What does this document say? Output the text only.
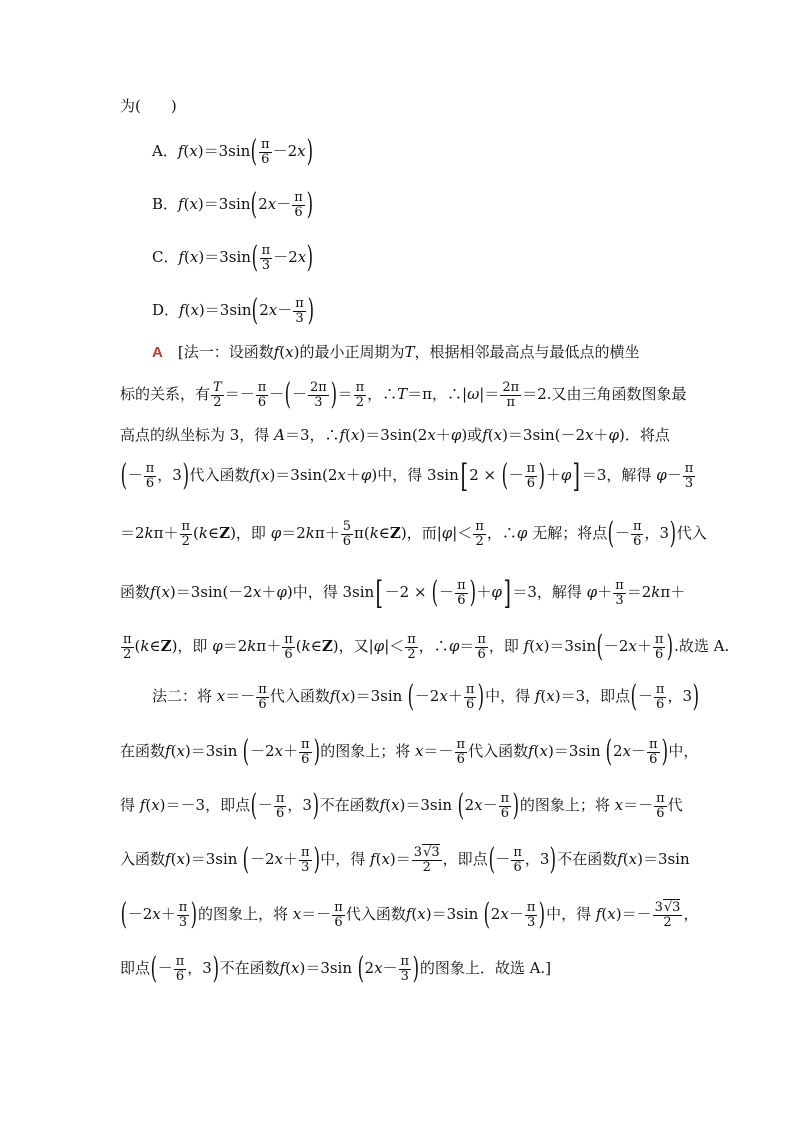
为(　　)
A．$f(x)=3\sin( \frac{\pi}{6} -2x)$
B．$f(x)=3\sin(2x- \frac{\pi}{6}$ )
C．$f(x)=3\sin( \frac{\pi}{3} -2x)$
D．$f(x)=3\sin(2x- \frac{\pi}{3}$ )
A　 [法一：设函数f(x)的最小正周期为T，根据相邻最高点与最低点的横坐
标的关系，有 $\frac{T}{2} =- \frac{\pi}{6}$ －(－ $\frac{2\pi}{3}$ )＝ $\frac{\pi}{2}$ ，∴T＝π，∴|ω|＝ $\frac{2\pi}{\pi} =2$.又由三角函数图象最
高点的纵坐标为 3，得 A＝3，∴f(x)＝3sin(2x＋φ)或f(x)＝3sin(－2x＋φ)．将点
(－ $\frac{\pi}{6}$ ，3)代入函数f(x)＝3sin(2x＋φ)中，得 3sin[2 × (－ $\frac{\pi}{6} )+\varphi]=3$，解得 $\varphi- \frac{\pi}{3}$
$=2k\pi+ \frac{\pi}{2}$ (k∈Z)，即 $\varphi=2k\pi+ \frac{5}{6}$ π(k∈Z)，而$|\varphi|< \frac{\pi}{2}$ ，∴φ 无解；将点(－ $\frac{\pi}{6}$ ，3)代入
函数f(x)＝3sin(－2x＋φ)中，得 3sin[－2 × (－ $\frac{\pi}{6} )+\varphi]=3$，解得 $\varphi+ \frac{\pi}{3} =2k\pi+$
$\frac{\pi}{2}$ (k∈Z)，即 $\varphi=2k\pi+ \frac{\pi}{6}$ (k∈Z)，又$|\varphi|< \frac{\pi}{2}$ ，∴φ＝ $\frac{\pi}{6}$ ，即 $f(x)=3\sin(-2x+ \frac{\pi}{6}$ ).故选 A.
法二：将 $x=- \frac{\pi}{6}$ 代入函数f(x)＝3sin ($-2x+ \frac{\pi}{6}$ )中，得 f(x)＝3，即点(－ $\frac{\pi}{6}$ ，3)
在函数f(x)＝3sin ($-2x+ \frac{\pi}{6}$ )的图象上；将 $x=- \frac{\pi}{6}$ 代入函数f(x)＝3sin ($2x- \frac{\pi}{6}$ )中，
得 f(x)＝－3，即点(－ $\frac{\pi}{6}$ ，3)不在函数f(x)＝3sin ($2x- \frac{\pi}{6}$ )的图象上；将 $x=- \frac{\pi}{6}$ 代
入函数f(x)＝3sin ($-2x+ \frac{\pi}{3}$ )中，得 $f(x)= \frac{3√3}{2}$ ，即点(－ $\frac{\pi}{6}$ ，3)不在函数f(x)＝3sin
($-2x+ \frac{\pi}{3}$ )的图象上，将 $x=- \frac{\pi}{6}$ 代入函数f(x)＝3sin ($2x- \frac{\pi}{3}$ )中，得 $f(x)=- \frac{3√3}{2}$ ，
即点(－ $\frac{\pi}{6}$ ，3)不在函数f(x)＝3sin ($2x- \frac{\pi}{3}$ )的图象上．故选 A.]
